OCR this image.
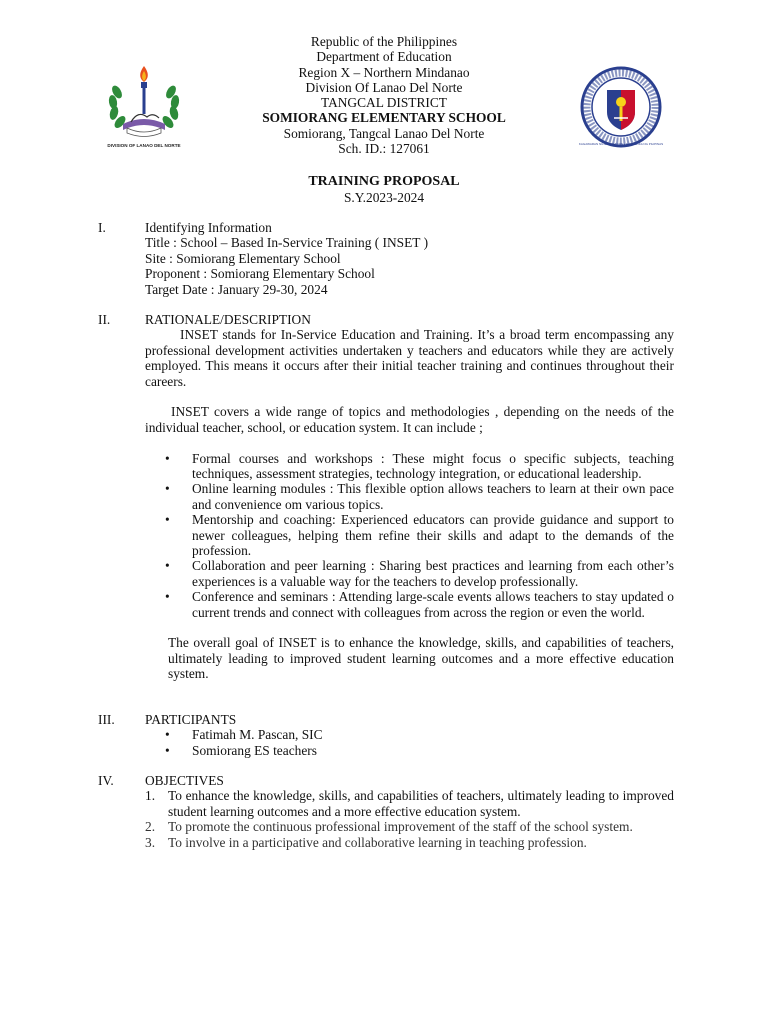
DIVISION OF LANAO DEL NORTE	KAGAWARAN NG EDUKASYON • REPUBLIKA NG PILIPINAS
Republic of the Philippines
Department of Education
Region X – Northern Mindanao
Division Of Lanao Del Norte
TANGCAL DISTRICT
SOMIORANG ELEMENTARY SCHOOL
Somiorang, Tangcal Lanao Del Norte
Sch. ID.: 127061
TRAINING PROPOSAL
S.Y.2023-2024
I.	Identifying Information
Title : School – Based In-Service Training ( INSET )
Site : Somiorang Elementary School
Proponent : Somiorang Elementary School
Target Date : January 29-30, 2024
II.	RATIONALE/DESCRIPTION
INSET stands for In-Service Education and Training. It’s a broad term encompassing any professional development activities undertaken y teachers and educators while they are actively employed. This means it occurs after their initial teacher training and continues throughout their careers.
INSET covers a wide range of topics and methodologies , depending on the needs of the individual teacher, school, or education system. It can include ;
• Formal courses and workshops : These might focus o specific subjects, teaching techniques, assessment strategies, technology integration, or educational leadership.
• Online learning modules : This flexible option allows teachers to learn at their own pace and convenience om various topics.
• Mentorship and coaching: Experienced educators can provide guidance and support to newer colleagues, helping them refine their skills and adapt to the demands of the profession.
• Collaboration and peer learning : Sharing best practices and learning from each other’s experiences is a valuable way for the teachers to develop professionally.
• Conference and seminars : Attending large-scale events allows teachers to stay updated o current trends and connect with colleagues from across the region or even the world.
The overall goal of INSET is to enhance the knowledge, skills, and capabilities of teachers, ultimately leading to improved student learning outcomes and a more effective education system.
III. PARTICIPANTS
• Fatimah M. Pascan, SIC
• Somiorang ES teachers
IV. OBJECTIVES
1. To enhance the knowledge, skills, and capabilities of teachers, ultimately leading to improved student learning outcomes and a more effective education system.
2. To promote the continuous professional improvement of the staff of the school system.
3. To involve in a participative and collaborative learning in teaching profession.
